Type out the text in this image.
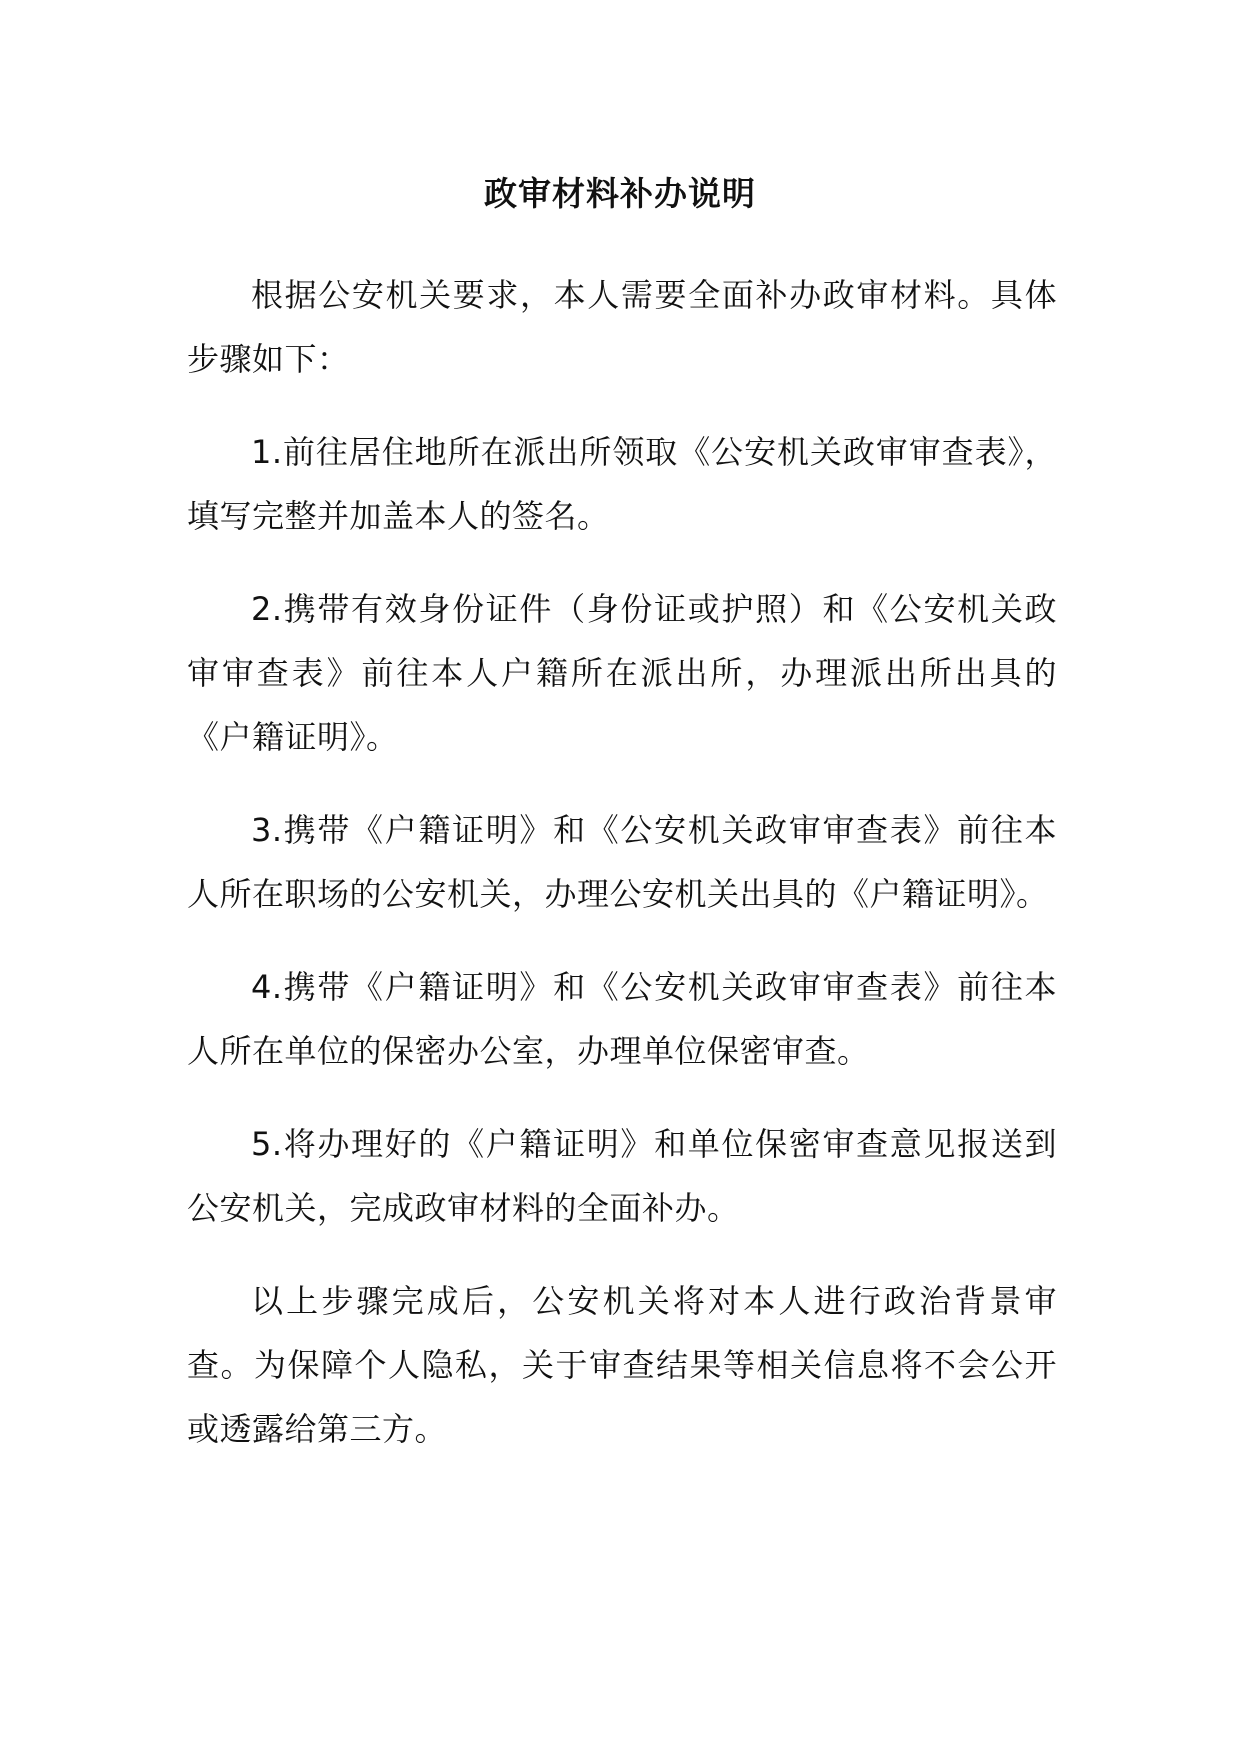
政审材料补办说明

根据公安机关要求，本人需要全面补办政审材料。具体步骤如下：

1.前往居住地所在派出所领取《公安机关政审审查表》，填写完整并加盖本人的签名。

2.携带有效身份证件（身份证或护照）和《公安机关政审审查表》前往本人户籍所在派出所，办理派出所出具的《户籍证明》。

3.携带《户籍证明》和《公安机关政审审查表》前往本人所在职场的公安机关，办理公安机关出具的《户籍证明》。

4.携带《户籍证明》和《公安机关政审审查表》前往本人所在单位的保密办公室，办理单位保密审查。

5.将办理好的《户籍证明》和单位保密审查意见报送到公安机关，完成政审材料的全面补办。

以上步骤完成后，公安机关将对本人进行政治背景审查。为保障个人隐私，关于审查结果等相关信息将不会公开或透露给第三方。
